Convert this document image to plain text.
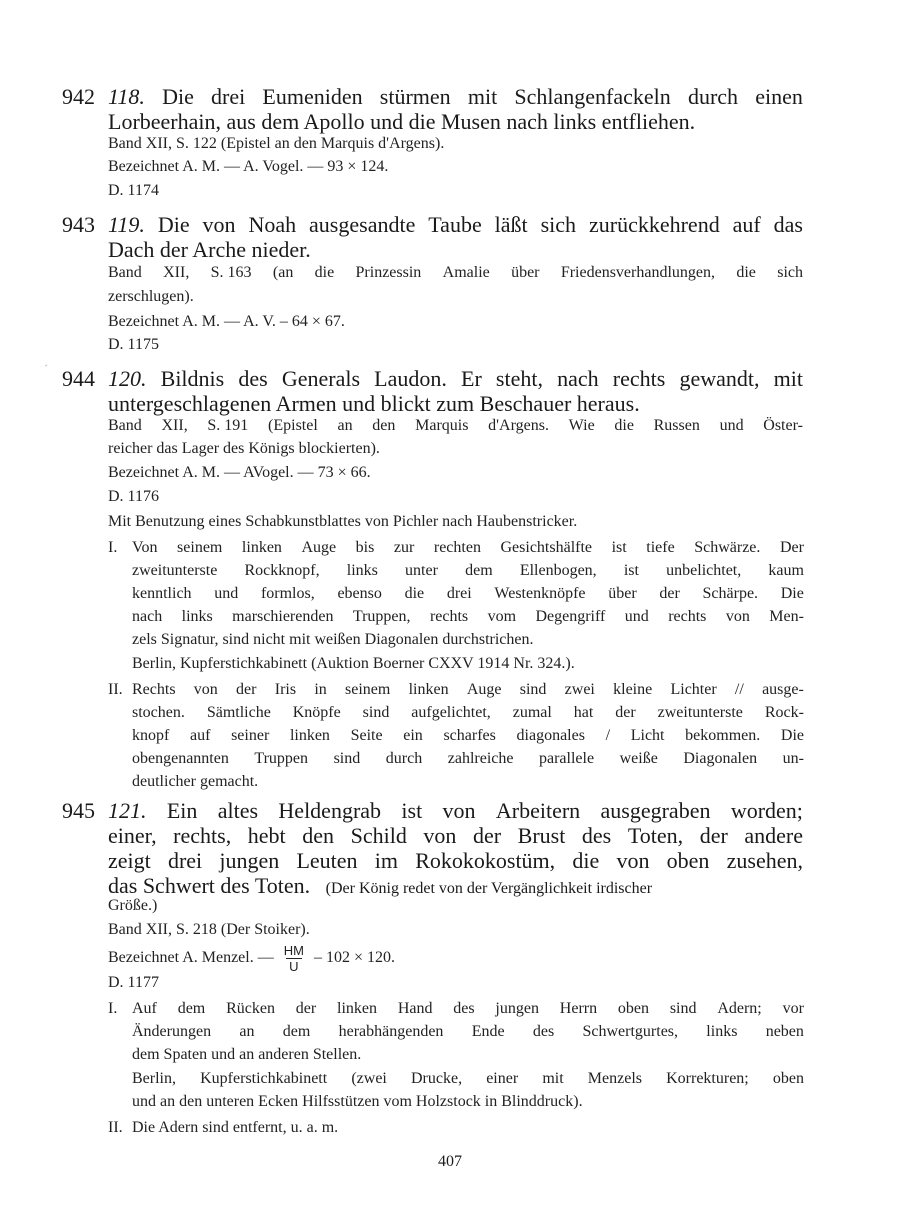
942 118. Die drei Eumeniden stürmen mit Schlangenfackeln durch einen
Lorbeerhain, aus dem Apollo und die Musen nach links entfliehen.
Band XII, S. 122 (Epistel an den Marquis d'Argens).
Bezeichnet A. M. — A. Vogel. — 93 × 124.
D. 1174
943 119. Die von Noah ausgesandte Taube läßt sich zurückkehrend auf das
Dach der Arche nieder.
Band XII, S. 163 (an die Prinzessin Amalie über Friedensverhandlungen, die sich
zerschlugen).
Bezeichnet A. M. — A. V. – 64 × 67.
D. 1175
ˊ 944 120. Bildnis des Generals Laudon. Er steht, nach rechts gewandt, mit
untergeschlagenen Armen und blickt zum Beschauer heraus.
Band XII, S. 191 (Epistel an den Marquis d'Argens. Wie die Russen und Öster-
reicher das Lager des Königs blockierten).
Bezeichnet A. M. — AVogel. — 73 × 66.
D. 1176
Mit Benutzung eines Schabkunstblattes von Pichler nach Haubenstricker.
I. Von seinem linken Auge bis zur rechten Gesichtshälfte ist tiefe Schwärze. Der
zweitunterste Rockknopf, links unter dem Ellenbogen, ist unbelichtet, kaum
kenntlich und formlos, ebenso die drei Westenknöpfe über der Schärpe. Die
nach links marschierenden Truppen, rechts vom Degengriff und rechts von Men-
zels Signatur, sind nicht mit weißen Diagonalen durchstrichen.
Berlin, Kupferstichkabinett (Auktion Boerner CXXV 1914 Nr. 324.).
II. Rechts von der Iris in seinem linken Auge sind zwei kleine Lichter // ausge-
stochen. Sämtliche Knöpfe sind aufgelichtet, zumal hat der zweitunterste Rock-
knopf auf seiner linken Seite ein scharfes diagonales / Licht bekommen. Die
obengenannten Truppen sind durch zahlreiche parallele weiße Diagonalen un-
deutlicher gemacht.
945 121. Ein altes Heldengrab ist von Arbeitern ausgegraben worden;
einer, rechts, hebt den Schild von der Brust des Toten, der andere
zeigt drei jungen Leuten im Rokokokostüm, die von oben zusehen,
das Schwert des Toten. (Der König redet von der Vergänglichkeit irdischer
Größe.)
Band XII, S. 218 (Der Stoiker).
Bezeichnet A. Menzel. — $\frac{HM}{U} - 102 \times 120$.
D. 1177
I. Auf dem Rücken der linken Hand des jungen Herrn oben sind Adern; vor
Änderungen an dem herabhängenden Ende des Schwertgurtes, links neben
dem Spaten und an anderen Stellen.
Berlin, Kupferstichkabinett (zwei Drucke, einer mit Menzels Korrekturen; oben
und an den unteren Ecken Hilfsstützen vom Holzstock in Blinddruck).
II. Die Adern sind entfernt, u. a. m.
407
